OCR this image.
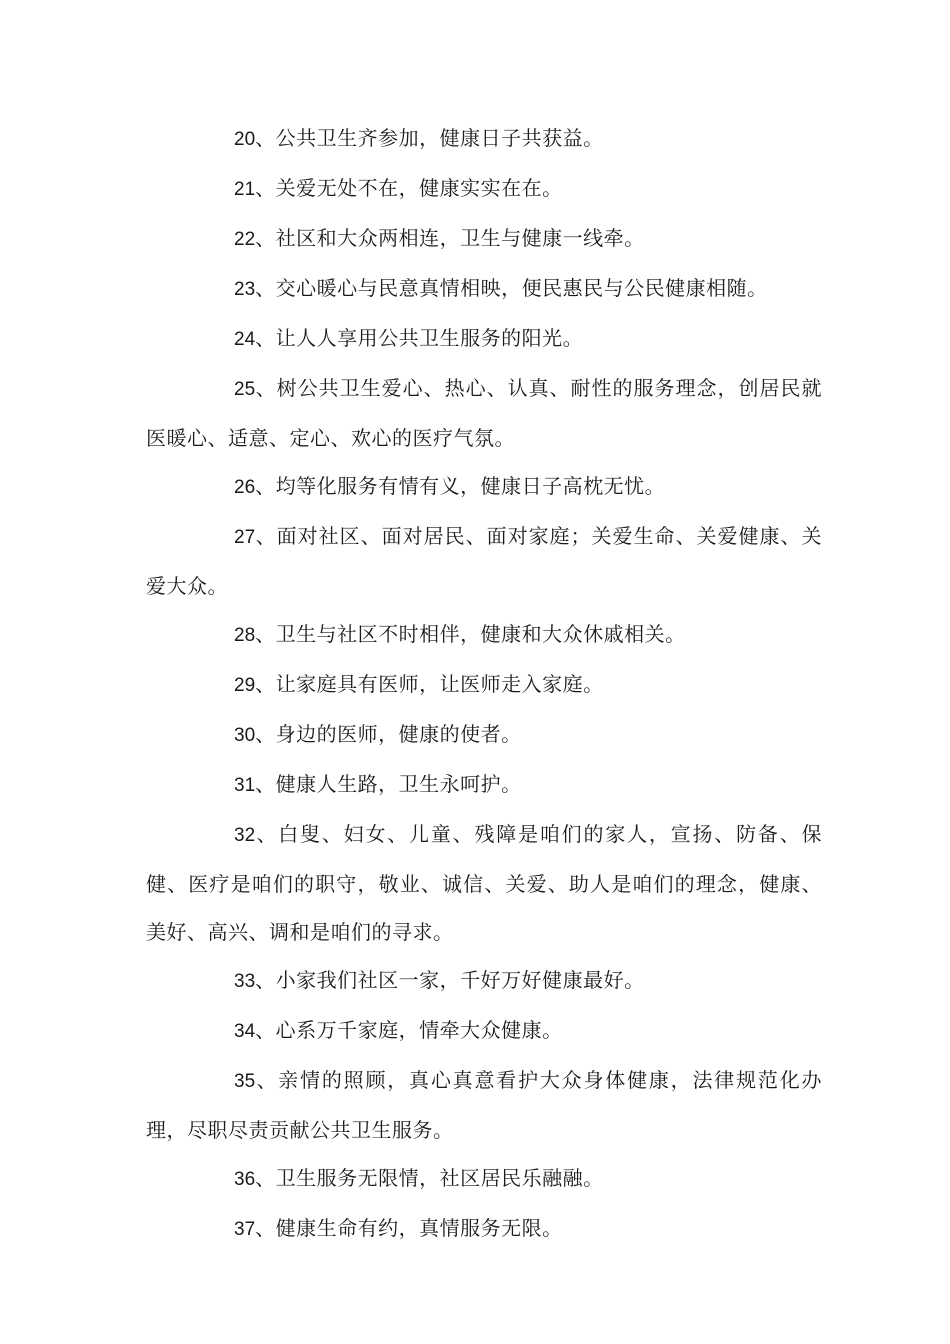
20、公共卫生齐参加，健康日子共获益。

21、关爱无处不在，健康实实在在。

22、社区和大众两相连，卫生与健康一线牵。

23、交心暖心与民意真情相映，便民惠民与公民健康相随。

24、让人人享用公共卫生服务的阳光。

25、树公共卫生爱心、热心、认真、耐性的服务理念，创居民就医暖心、适意、定心、欢心的医疗气氛。

26、均等化服务有情有义，健康日子高枕无忧。

27、面对社区、面对居民、面对家庭；关爱生命、关爱健康、关爱大众。

28、卫生与社区不时相伴，健康和大众休戚相关。

29、让家庭具有医师，让医师走入家庭。

30、身边的医师，健康的使者。

31、健康人生路，卫生永呵护。

32、白叟、妇女、儿童、残障是咱们的家人，宣扬、防备、保健、医疗是咱们的职守，敬业、诚信、关爱、助人是咱们的理念，健康、美好、高兴、调和是咱们的寻求。

33、小家我们社区一家，千好万好健康最好。

34、心系万千家庭，情牵大众健康。

35、亲情的照顾，真心真意看护大众身体健康，法律规范化办理，尽职尽责贡献公共卫生服务。

36、卫生服务无限情，社区居民乐融融。

37、健康生命有约，真情服务无限。
